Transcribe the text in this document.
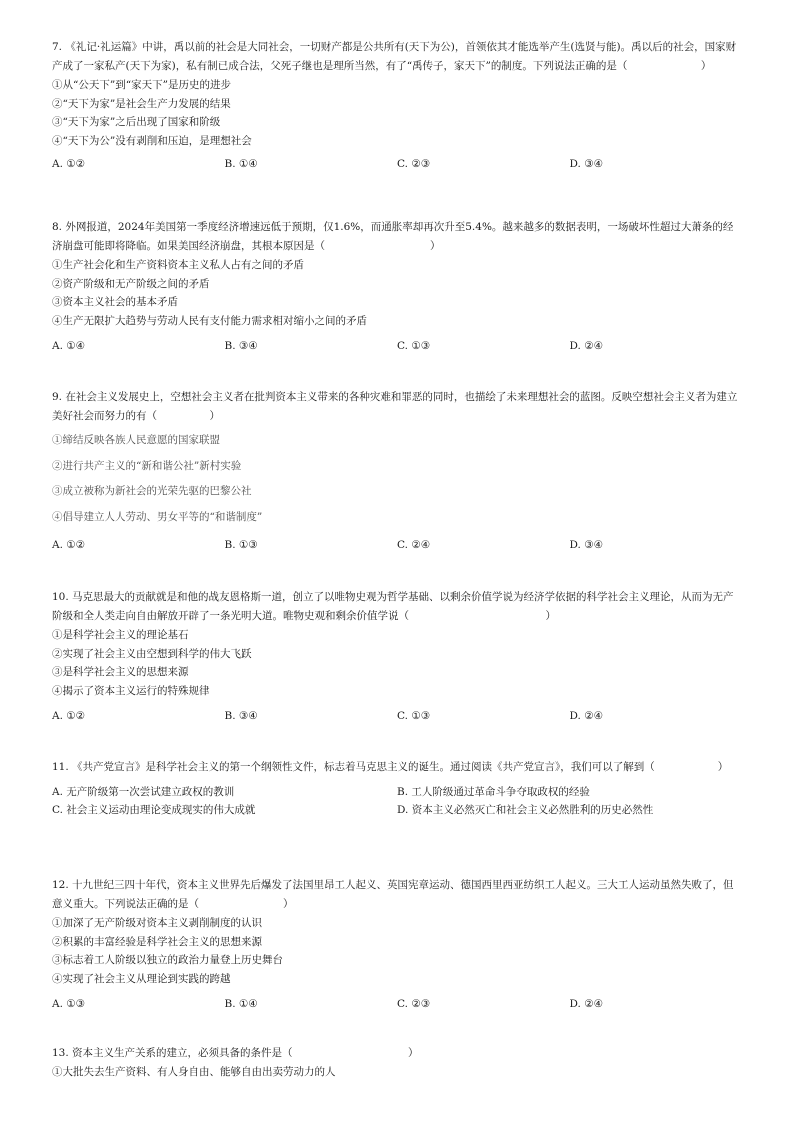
7. 《礼记·礼运篇》中讲，禹以前的社会是大同社会，一切财产都是公共所有(天下为公)，首领依其才能选举产生(选贤与能)。禹以后的社会，国家财产成了一家私产(天下为家)，私有制已成合法，父死子继也是理所当然，有了“禹传子，家天下”的制度。下列说法正确的是（　　　　　　　）

①从“公天下”到“家天下”是历史的进步

②“天下为家”是社会生产力发展的结果

③“天下为家”之后出现了国家和阶级

④“天下为公”没有剥削和压迫，是理想社会

A. ①②	B. ①④	C. ②③	D. ③④

8. 外网报道，2024年美国第一季度经济增速远低于预期，仅1.6%，而通胀率却再次升至5.4%。越来越多的数据表明，一场破坏性超过大萧条的经济崩盘可能即将降临。如果美国经济崩盘，其根本原因是（　　　　　　　　　　）

①生产社会化和生产资料资本主义私人占有之间的矛盾

②资产阶级和无产阶级之间的矛盾

③资本主义社会的基本矛盾

④生产无限扩大趋势与劳动人民有支付能力需求相对缩小之间的矛盾

A. ①④	B. ③④	C. ①③	D. ②④

9. 在社会主义发展史上，空想社会主义者在批判资本主义带来的各种灾难和罪恶的同时，也描绘了未来理想社会的蓝图。反映空想社会主义者为建立美好社会而努力的有（　　　　　）

①缔结反映各族人民意愿的国家联盟

②进行共产主义的“新和谐公社”新村实验

③成立被称为新社会的光荣先驱的巴黎公社

④倡导建立人人劳动、男女平等的“和谐制度”

A. ①②	B. ①③	C. ②④	D. ③④

10. 马克思最大的贡献就是和他的战友恩格斯一道，创立了以唯物史观为哲学基础、以剩余价值学说为经济学依据的科学社会主义理论，从而为无产阶级和全人类走向自由解放开辟了一条光明大道。唯物史观和剩余价值学说（　　　　　　　　　　　　　）

①是科学社会主义的理论基石

②实现了社会主义由空想到科学的伟大飞跃

③是科学社会主义的思想来源

④揭示了资本主义运行的特殊规律

A. ①②	B. ③④	C. ①③	D. ②④

11. 《共产党宣言》是科学社会主义的第一个纲领性文件，标志着马克思主义的诞生。通过阅读《共产党宣言》，我们可以了解到（　　　　　　）

A. 无产阶级第一次尝试建立政权的教训	B. 工人阶级通过革命斗争夺取政权的经验
C. 社会主义运动由理论变成现实的伟大成就	D. 资本主义必然灭亡和社会主义必然胜利的历史必然性

12. 十九世纪三四十年代，资本主义世界先后爆发了法国里昂工人起义、英国宪章运动、德国西里西亚纺织工人起义。三大工人运动虽然失败了，但意义重大。下列说法正确的是（　　　　　　　　）

①加深了无产阶级对资本主义剥削制度的认识

②积累的丰富经验是科学社会主义的思想来源

③标志着工人阶级以独立的政治力量登上历史舞台

④实现了社会主义从理论到实践的跨越

A. ①③	B. ①④	C. ②③	D. ②④

13. 资本主义生产关系的建立，必须具备的条件是（　　　　　　　　　　　）

①大批失去生产资料、有人身自由、能够自由出卖劳动力的人
